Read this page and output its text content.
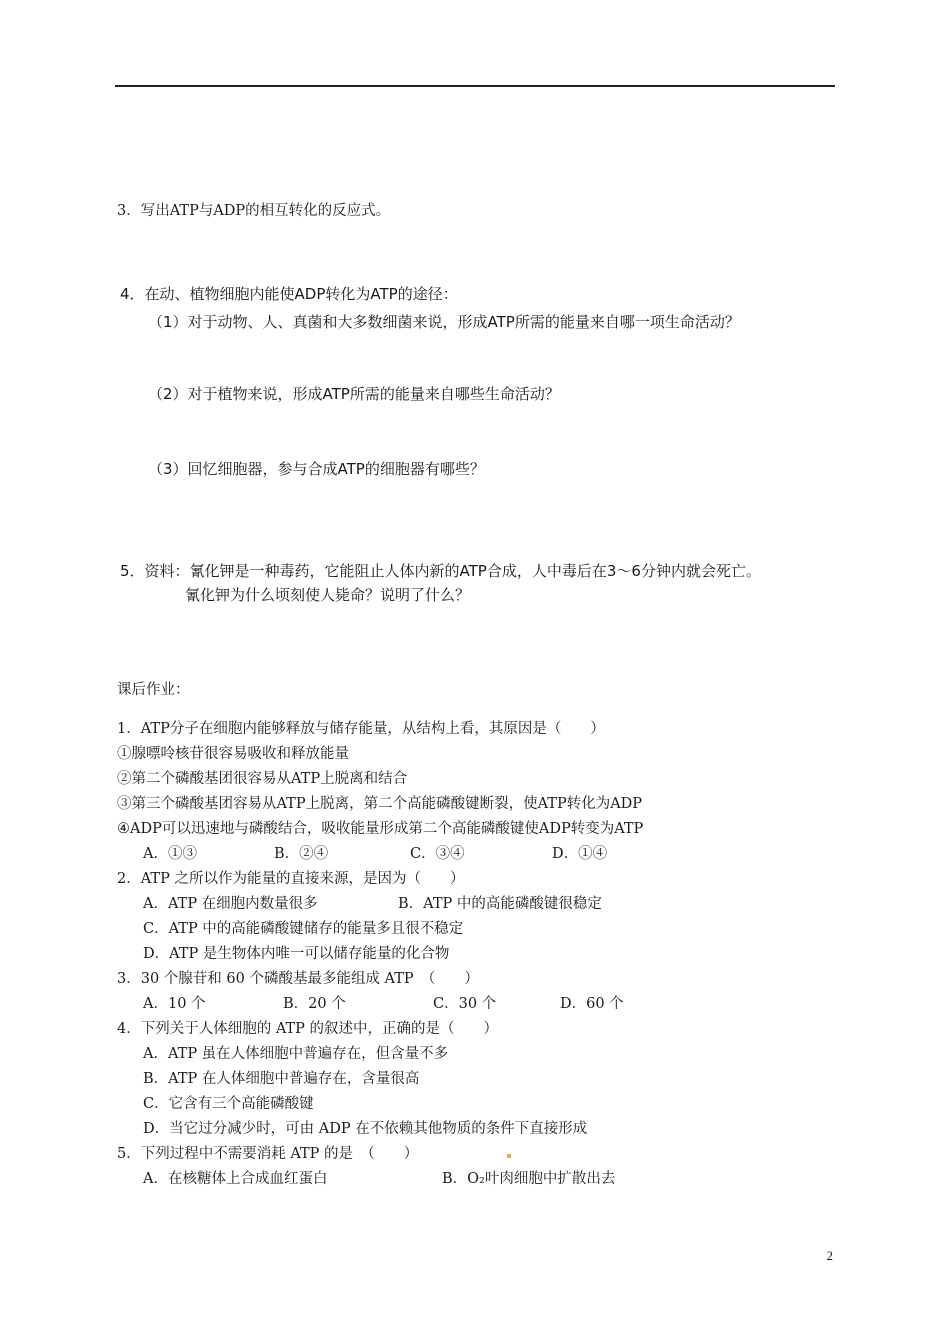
3．写出ATP与ADP的相互转化的反应式。
4．在动、植物细胞内能使ADP转化为ATP的途径：
（1）对于动物、人、真菌和大多数细菌来说，形成ATP所需的能量来自哪一项生命活动？
（2）对于植物来说，形成ATP所需的能量来自哪些生命活动？
（3）回忆细胞器，参与合成ATP的细胞器有哪些？
5．资料：氰化钾是一种毒药，它能阻止人体内新的ATP合成，人中毒后在3～6分钟内就会死亡。
氰化钾为什么顷刻使人毙命？说明了什么？
课后作业：
1．ATP分子在细胞内能够释放与储存能量，从结构上看，其原因是（　　）
①腺嘌呤核苷很容易吸收和释放能量
②第二个磷酸基团很容易从ATP上脱离和结合
③第三个磷酸基团容易从ATP上脱离，第二个高能磷酸键断裂，使ATP转化为ADP
④ADP可以迅速地与磷酸结合，吸收能量形成第二个高能磷酸键使ADP转变为ATP
A．①③	B．②④	C．③④	D．①④
2．ATP 之所以作为能量的直接来源，是因为（　　）
A．ATP 在细胞内数量很多	B．ATP 中的高能磷酸键很稳定
C．ATP 中的高能磷酸键储存的能量多且很不稳定
D．ATP 是生物体内唯一可以储存能量的化合物
3．30 个腺苷和 60 个磷酸基最多能组成 ATP　（　　）
A．10 个	B．20 个	C．30 个	D．60 个
4．下列关于人体细胞的 ATP 的叙述中，正确的是（　　）
A．ATP 虽在人体细胞中普遍存在，但含量不多
B．ATP 在人体细胞中普遍存在，含量很高
C．它含有三个高能磷酸键
D．当它过分减少时，可由 ADP 在不依赖其他物质的条件下直接形成
5．下列过程中不需要消耗 ATP 的是　（　　）
A．在核糖体上合成血红蛋白	B．O₂叶肉细胞中扩散出去
2
